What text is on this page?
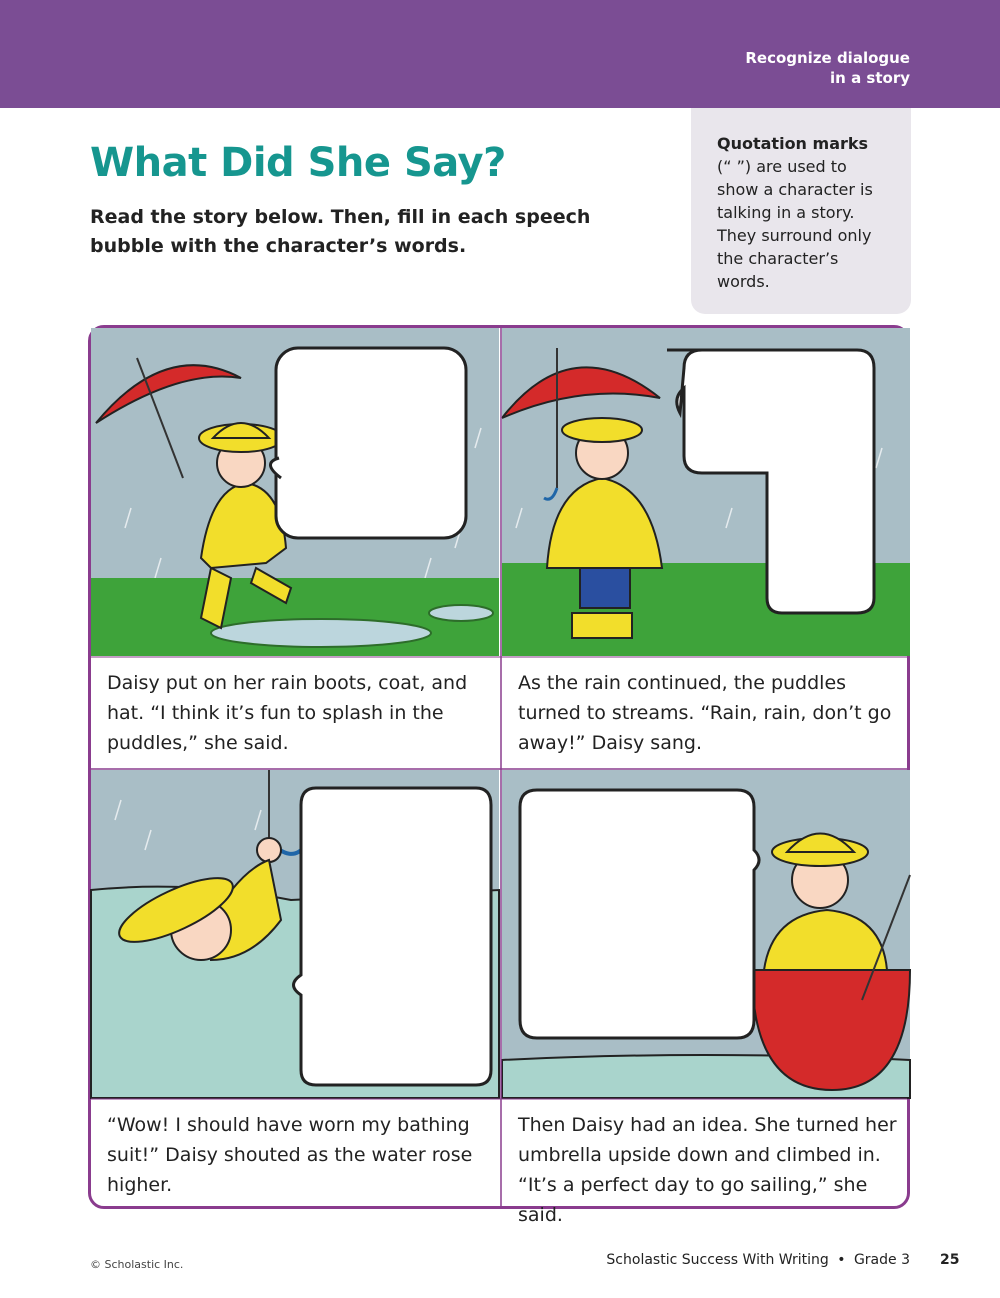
Recognize dialogue
in a story
What Did She Say?
Read the story below. Then, fill in each speech bubble with the character’s words.
Quotation marks
(“ ”) are used to show a character is talking in a story. They surround only the character’s words.
Daisy put on her rain boots, coat, and hat. “I think it’s fun to splash in the puddles,” she said.
As the rain continued, the puddles turned to streams. “Rain, rain, don’t go away!” Daisy sang.
“Wow! I should have worn my bathing suit!” Daisy shouted as the water rose higher.
Then Daisy had an idea. She turned her umbrella upside down and climbed in. “It’s a perfect day to go sailing,” she said.
© Scholastic Inc.	Scholastic Success With Writing • Grade 3 25
